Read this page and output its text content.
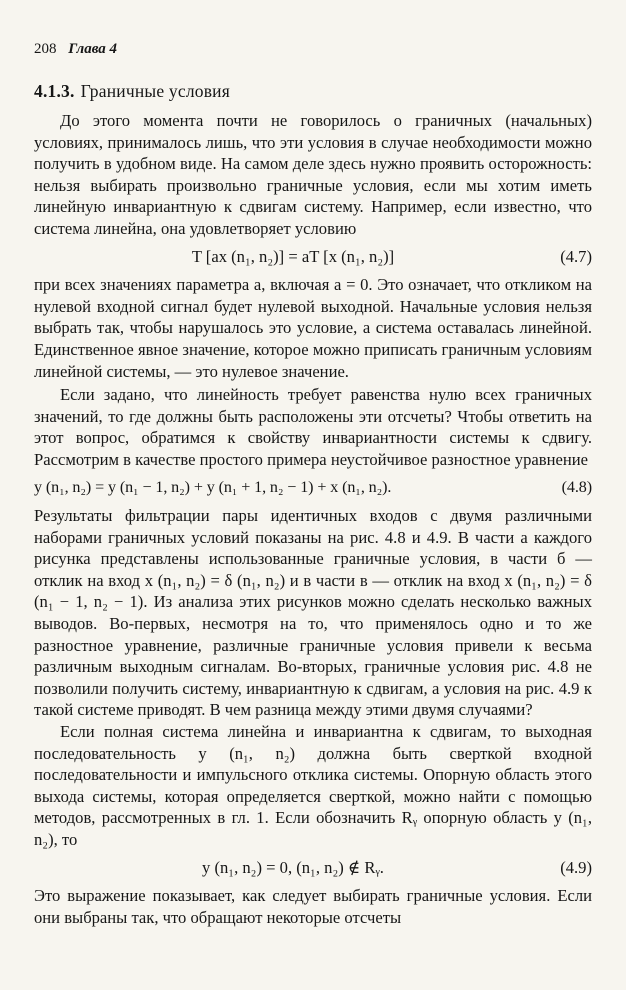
208 Глава 4
4.1.3. Граничные условия

До этого момента почти не говорилось о граничных (начальных) условиях, принималось лишь, что эти условия в случае необходимости можно получить в удобном виде. На самом деле здесь нужно проявить осторожность: нельзя выбирать произвольно граничные условия, если мы хотим иметь линейную инвариантную к сдвигам систему. Например, если известно, что система линейна, она удовлетворяет условию

T [ax (n₁, n₂)] = aT [x (n₁, n₂)]	(4.7)

при всех значениях параметра a, включая a = 0. Это означает, что откликом на нулевой входной сигнал будет нулевой выходной. Начальные условия нельзя выбрать так, чтобы нарушалось это условие, а система оставалась линейной. Единственное явное значение, которое можно приписать граничным условиям линейной системы, — это нулевое значение.

Если задано, что линейность требует равенства нулю всех граничных значений, то где должны быть расположены эти отсчеты? Чтобы ответить на этот вопрос, обратимся к свойству инвариантности системы к сдвигу. Рассмотрим в качестве простого примера неустойчивое разностное уравнение

y (n₁, n₂) = y (n₁ − 1, n₂) + y (n₁ + 1, n₂ − 1) + x (n₁, n₂).	(4.8)

Результаты фильтрации пары идентичных входов с двумя различными наборами граничных условий показаны на рис. 4.8 и 4.9. В части а каждого рисунка представлены использованные граничные условия, в части б — отклик на вход x (n₁, n₂) = δ (n₁, n₂) и в части в — отклик на вход x (n₁, n₂) = δ (n₁ − 1, n₂ − 1). Из анализа этих рисунков можно сделать несколько важных выводов. Во-первых, несмотря на то, что применялось одно и то же разностное уравнение, различные граничные условия привели к весьма различным выходным сигналам. Во-вторых, граничные условия рис. 4.8 не позволили получить систему, инвариантную к сдвигам, а условия на рис. 4.9 к такой системе приводят. В чем разница между этими двумя случаями?

Если полная система линейна и инвариантна к сдвигам, то выходная последовательность y (n₁, n₂) должна быть сверткой входной последовательности и импульсного отклика системы. Опорную область этого выхода системы, которая определяется сверткой, можно найти с помощью методов, рассмотренных в гл. 1. Если обозначить Rᵧ опорную область y (n₁, n₂), то

y (n₁, n₂) = 0, (n₁, n₂) ∉ Rᵧ.	(4.9)

Это выражение показывает, как следует выбирать граничные условия. Если они выбраны так, что обращают некоторые отсчеты
